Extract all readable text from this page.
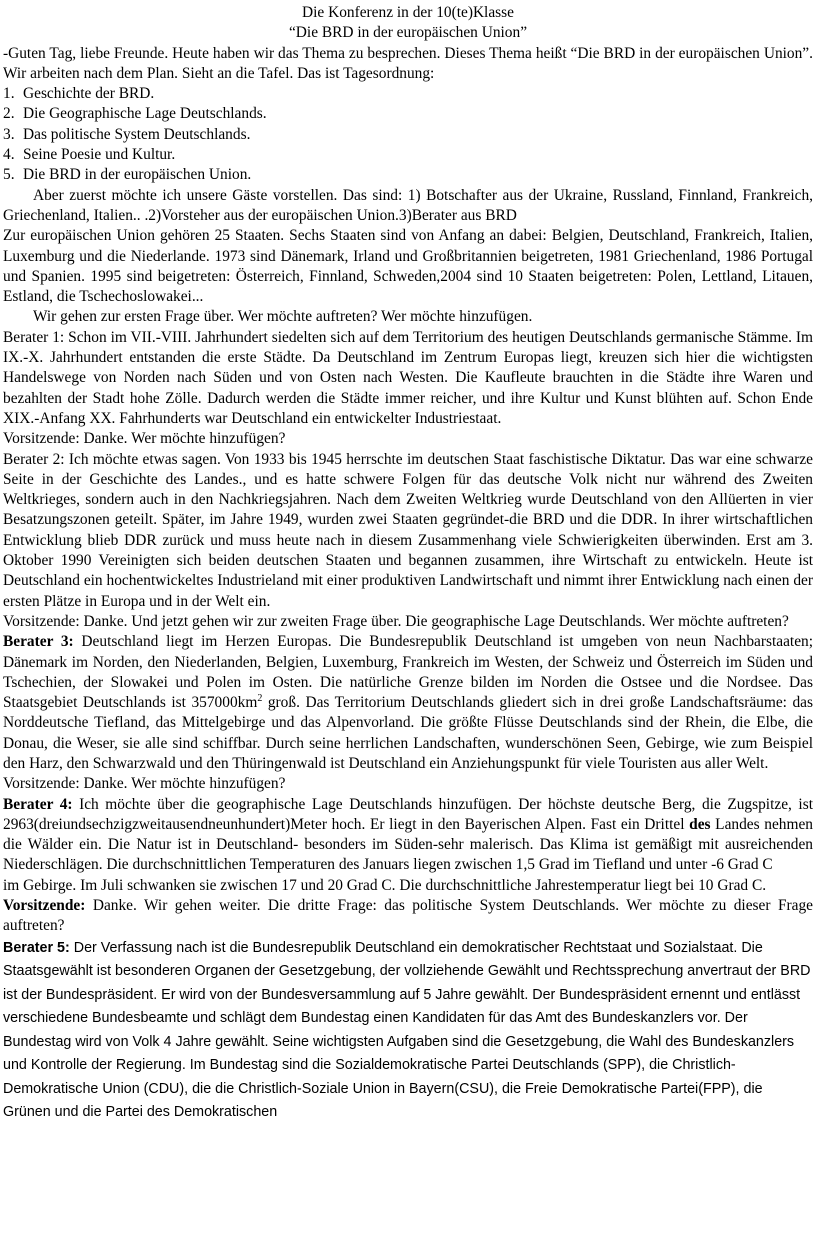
Die Konferenz in der 10(te)Klasse

“Die BRD in der europäischen Union”

-Guten Tag, liebe Freunde. Heute haben wir das Thema zu besprechen. Dieses Thema heißt “Die BRD in der europäischen Union”. Wir arbeiten nach dem Plan. Sieht an die Tafel. Das ist Tagesordnung:

1. Geschichte der BRD.
2. Die Geographische Lage Deutschlands.
3. Das politische System Deutschlands.
4. Seine Poesie und Kultur.
5. Die BRD in der europäischen Union.

Aber zuerst möchte ich unsere Gäste vorstellen. Das sind: 1) Botschafter aus der Ukraine, Russland, Finnland, Frankreich, Griechenland, Italien.. .2)Vorsteher aus der europäischen Union.3)Berater aus BRD

Zur europäischen Union gehören 25 Staaten. Sechs Staaten sind von Anfang an dabei: Belgien, Deutschland, Frankreich, Italien, Luxemburg und die Niederlande. 1973 sind Dänemark, Irland und Großbritannien beigetreten, 1981 Griechenland, 1986 Portugal und Spanien. 1995 sind beigetreten: Österreich, Finnland, Schweden,2004 sind 10 Staaten beigetreten: Polen, Lettland, Litauen, Estland, die Tschechoslowakei...

Wir gehen zur ersten Frage über. Wer möchte auftreten? Wer möchte hinzufügen.

Berater 1: Schon im VII.-VIII. Jahrhundert siedelten sich auf dem Territorium des heutigen Deutschlands germanische Stämme. Im IX.-X. Jahrhundert entstanden die erste Städte. Da Deutschland im Zentrum Europas liegt, kreuzen sich hier die wichtigsten Handelswege von Norden nach Süden und von Osten nach Westen. Die Kaufleute brauchten in die Städte ihre Waren und bezahlten der Stadt hohe Zölle. Dadurch werden die Städte immer reicher, und ihre Kultur und Kunst blühten auf. Schon Ende XIX.-Anfang XX. Fahrhunderts war Deutschland ein entwickelter Industriestaat.

Vorsitzende: Danke. Wer möchte hinzufügen?

Berater 2: Ich möchte etwas sagen. Von 1933 bis 1945 herrschte im deutschen Staat faschistische Diktatur. Das war eine schwarze Seite in der Geschichte des Landes., und es hatte schwere Folgen für das deutsche Volk nicht nur während des Zweiten Weltkrieges, sondern auch in den Nachkriegsjahren. Nach dem Zweiten Weltkrieg wurde Deutschland von den Allüerten in vier Besatzungszonen geteilt. Später, im Jahre 1949, wurden zwei Staaten gegründet-die BRD und die DDR. In ihrer wirtschaftlichen Entwicklung blieb DDR zurück und muss heute nach in diesem Zusammenhang viele Schwierigkeiten überwinden. Erst am 3. Oktober 1990 Vereinigten sich beiden deutschen Staaten und begannen zusammen, ihre Wirtschaft zu entwickeln. Heute ist Deutschland ein hochentwickeltes Industrieland mit einer produktiven Landwirtschaft und nimmt ihrer Entwicklung nach einen der ersten Plätze in Europa und in der Welt ein.

Vorsitzende: Danke. Und jetzt gehen wir zur zweiten Frage über. Die geographische Lage Deutschlands. Wer möchte auftreten?

Berater 3: Deutschland liegt im Herzen Europas. Die Bundesrepublik Deutschland ist umgeben von neun Nachbarstaaten; Dänemark im Norden, den Niederlanden, Belgien, Luxemburg, Frankreich im Westen, der Schweiz und Österreich im Süden und Tschechien, der Slowakei und Polen im Osten. Die natürliche Grenze bilden im Norden die Ostsee und die Nordsee. Das Staatsgebiet Deutschlands ist $357000km^2$ groß. Das Territorium Deutschlands gliedert sich in drei große Landschaftsräume: das Norddeutsche Tiefland, das Mittelgebirge und das Alpenvorland. Die größte Flüsse Deutschlands sind der Rhein, die Elbe, die Donau, die Weser, sie alle sind schiffbar. Durch seine herrlichen Landschaften, wunderschönen Seen, Gebirge, wie zum Beispiel den Harz, den Schwarzwald und den Thüringenwald ist Deutschland ein Anziehungspunkt für viele Touristen aus aller Welt.

Vorsitzende: Danke. Wer möchte hinzufügen?

Berater 4: Ich möchte über die geographische Lage Deutschlands hinzufügen. Der höchste deutsche Berg, die Zugspitze, ist 2963(dreiundsechzigzweitausendneunhundert)Meter hoch. Er liegt in den Bayerischen Alpen. Fast ein Drittel des Landes nehmen die Wälder ein. Die Natur ist in Deutschland- besonders im Süden-sehr malerisch. Das Klima ist gemäßigt mit ausreichenden Niederschlägen. Die durchschnittlichen Temperaturen des Januars liegen zwischen 1,5 Grad im Tiefland und unter -6 Grad C

im Gebirge. Im Juli schwanken sie zwischen 17 und 20 Grad C. Die durchschnittliche Jahrestemperatur liegt bei 10 Grad C.

Vorsitzende: Danke. Wir gehen weiter. Die dritte Frage: das politische System Deutschlands. Wer möchte zu dieser Frage auftreten?

Berater 5: Der Verfassung nach ist die Bundesrepublik Deutschland ein demokratischer Rechtstaat und Sozialstaat. Die Staatsgewählt ist besonderen Organen der Gesetzgebung, der vollziehende Gewählt und Rechtssprechung anvertraut der BRD ist der Bundespräsident. Er wird von der Bundesversammlung auf 5 Jahre gewählt. Der Bundespräsident ernennt und entlässt verschiedene Bundesbeamte und schlägt dem Bundestag einen Kandidaten für das Amt des Bundeskanzlers vor. Der Bundestag wird von Volk 4 Jahre gewählt. Seine wichtigsten Aufgaben sind die Gesetzgebung, die Wahl des Bundeskanzlers und Kontrolle der Regierung. Im Bundestag sind die Sozialdemokratische Partei Deutschlands (SPP), die Christlich- Demokratische Union (CDU), die die Christlich-Soziale Union in Bayern(CSU), die Freie Demokratische Partei(FPP), die Grünen und die Partei des Demokratischen
